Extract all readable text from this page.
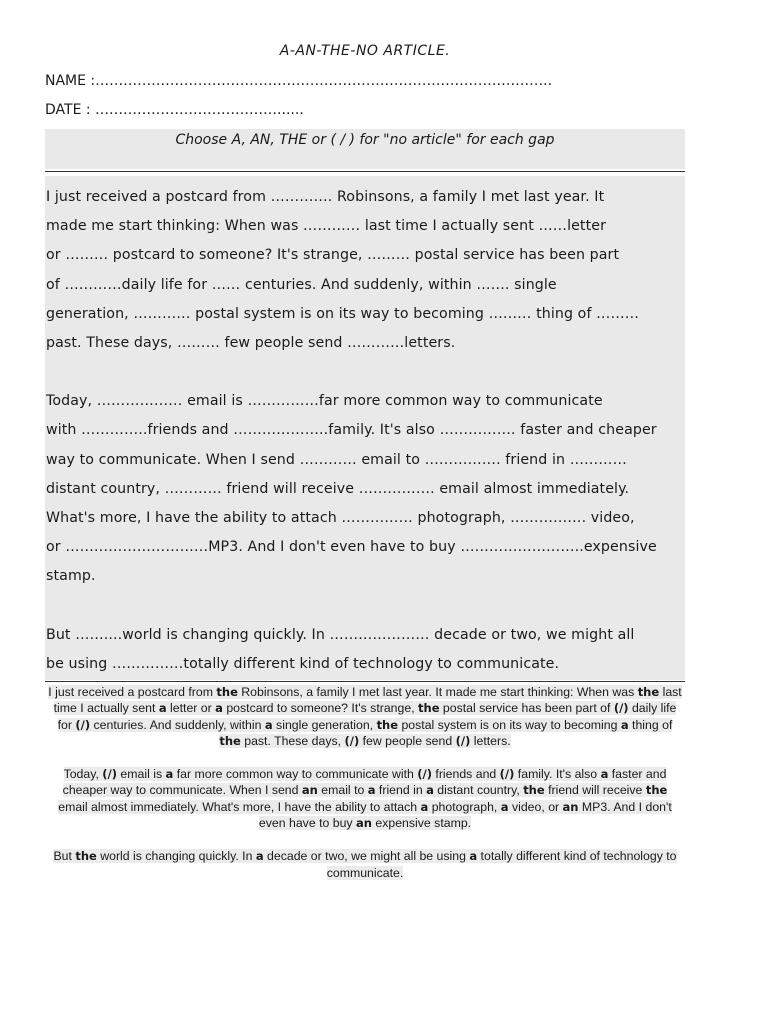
A-AN-THE-NO ARTICLE.
NAME :……………………………………………………………………………………..
DATE : …………………………………......
Choose A, AN, THE or ( / ) for "no article" for each gap

I just received a postcard from …………. Robinsons, a family I met last year. It
made me start thinking: When was ………… last time I actually sent ……letter
or ……… postcard to someone? It's strange, ……… postal service has been part
of …………daily life for …… centuries. And suddenly, within ……. single
generation, ………… postal system is on its way to becoming ……… thing of ………
past. These days, ……… few people send …………letters.

Today, ……………… email is ……………far more common way to communicate
with …………..friends and ………………..family. It's also ……………. faster and cheaper
way to communicate. When I send ………… email to ……………. friend in …………
distant country, ………… friend will receive ……………. email almost immediately.
What's more, I have the ability to attach …………… photograph, ……………. video,
or …………………………MP3. And I don't even have to buy ……………………..expensive
stamp.

But ……....world is changing quickly. In ………………… decade or two, we might all
be using ……………totally different kind of technology to communicate.

I just received a postcard from the Robinsons, a family I met last year. It made me start thinking: When was the last time I actually sent a letter or a postcard to someone? It's strange, the postal service has been part of (/) daily life for (/) centuries. And suddenly, within a single generation, the postal system is on its way to becoming a thing of the past. These days, (/) few people send (/) letters.

Today, (/) email is a far more common way to communicate with (/) friends and (/) family. It's also a faster and cheaper way to communicate. When I send an email to a friend in a distant country, the friend will receive the email almost immediately. What's more, I have the ability to attach a photograph, a video, or an MP3. And I don't even have to buy an expensive stamp.

But the world is changing quickly. In a decade or two, we might all be using a totally different kind of technology to communicate.
